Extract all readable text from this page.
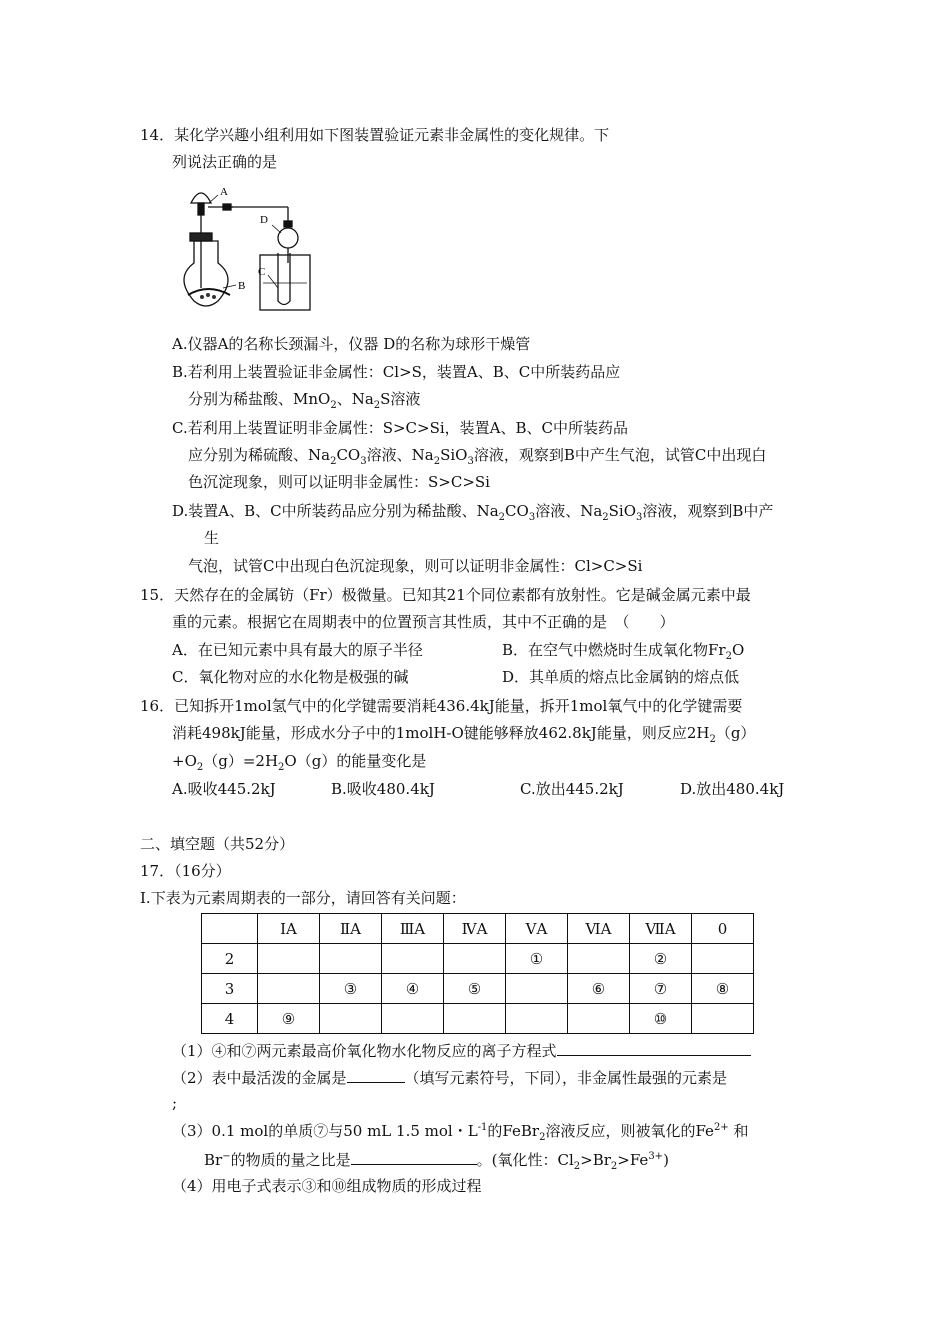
14．某化学兴趣小组利用如下图装置验证元素非金属性的变化规律。下
列说法正确的是
A
B
D
C
A.仪器A的名称长颈漏斗，仪器 D的名称为球形干燥管
B.若利用上装置验证非金属性：Cl>S，装置A、B、C中所装药品应
分别为稀盐酸、MnO$_2$、$Na_2S$溶液
C.若利用上装置证明非金属性：S>C>Si，装置A、B、C中所装药品
应分别为稀硫酸、$Na_2CO_3$溶液、$Na_2SiO_3$溶液，观察到B中产生气泡，试管C中出现白
色沉淀现象，则可以证明非金属性：S>C>Si
D.装置A、B、C中所装药品应分别为稀盐酸、$Na_2CO_3$溶液、$Na_2SiO_3$溶液，观察到B中产
生
气泡，试管C中出现白色沉淀现象，则可以证明非金属性：Cl>C>Si
15．天然存在的金属钫（Fr）极微量。已知其21个同位素都有放射性。它是碱金属元素中最
重的元素。根据它在周期表中的位置预言其性质，其中不正确的是　（　　）
A．在已知元素中具有最大的原子半径	B．在空气中燃烧时生成氧化物$Fr_2O$
C．氧化物对应的水化物是极强的碱	D．其单质的熔点比金属钠的熔点低
16．已知拆开1mol氢气中的化学键需要消耗436.4kJ能量，拆开1mol氧气中的化学键需要
消耗498kJ能量，形成水分子中的1molH-O键能够释放462.8kJ能量，则反应$2H_2(g)$
$+O_2(g)=2H_2O(g)$的能量变化是
A.吸收445.2kJ	B.吸收480.4kJ	C.放出445.2kJ	D.放出480.4kJ
二、填空题（共52分）
17．（16分）
I.下表为元素周期表的一部分，请回答有关问题：
	ⅠA	ⅡA	ⅢA	ⅣA	ⅤA	ⅥA	ⅦA	0
2					①		②	
3		③	④	⑤		⑥	⑦	⑧
4	⑨						⑩	
（1）④和⑦两元素最高价氧化物水化物反应的离子方程式
（2）表中最活泼的金属是	（填写元素符号，下同），非金属性最强的元素是
;
（3）0.1 mol的单质⑦与50 mL 1.5 mol・$L^{-1}$的FeBr$_2$溶液反应，则被氧化的$Fe^{2+}$ 和
Br−的物质的量之比是	。(氧化性：$Cl_2>Br_2>Fe^{3+}$)
（4）用电子式表示③和⑩组成物质的形成过程
